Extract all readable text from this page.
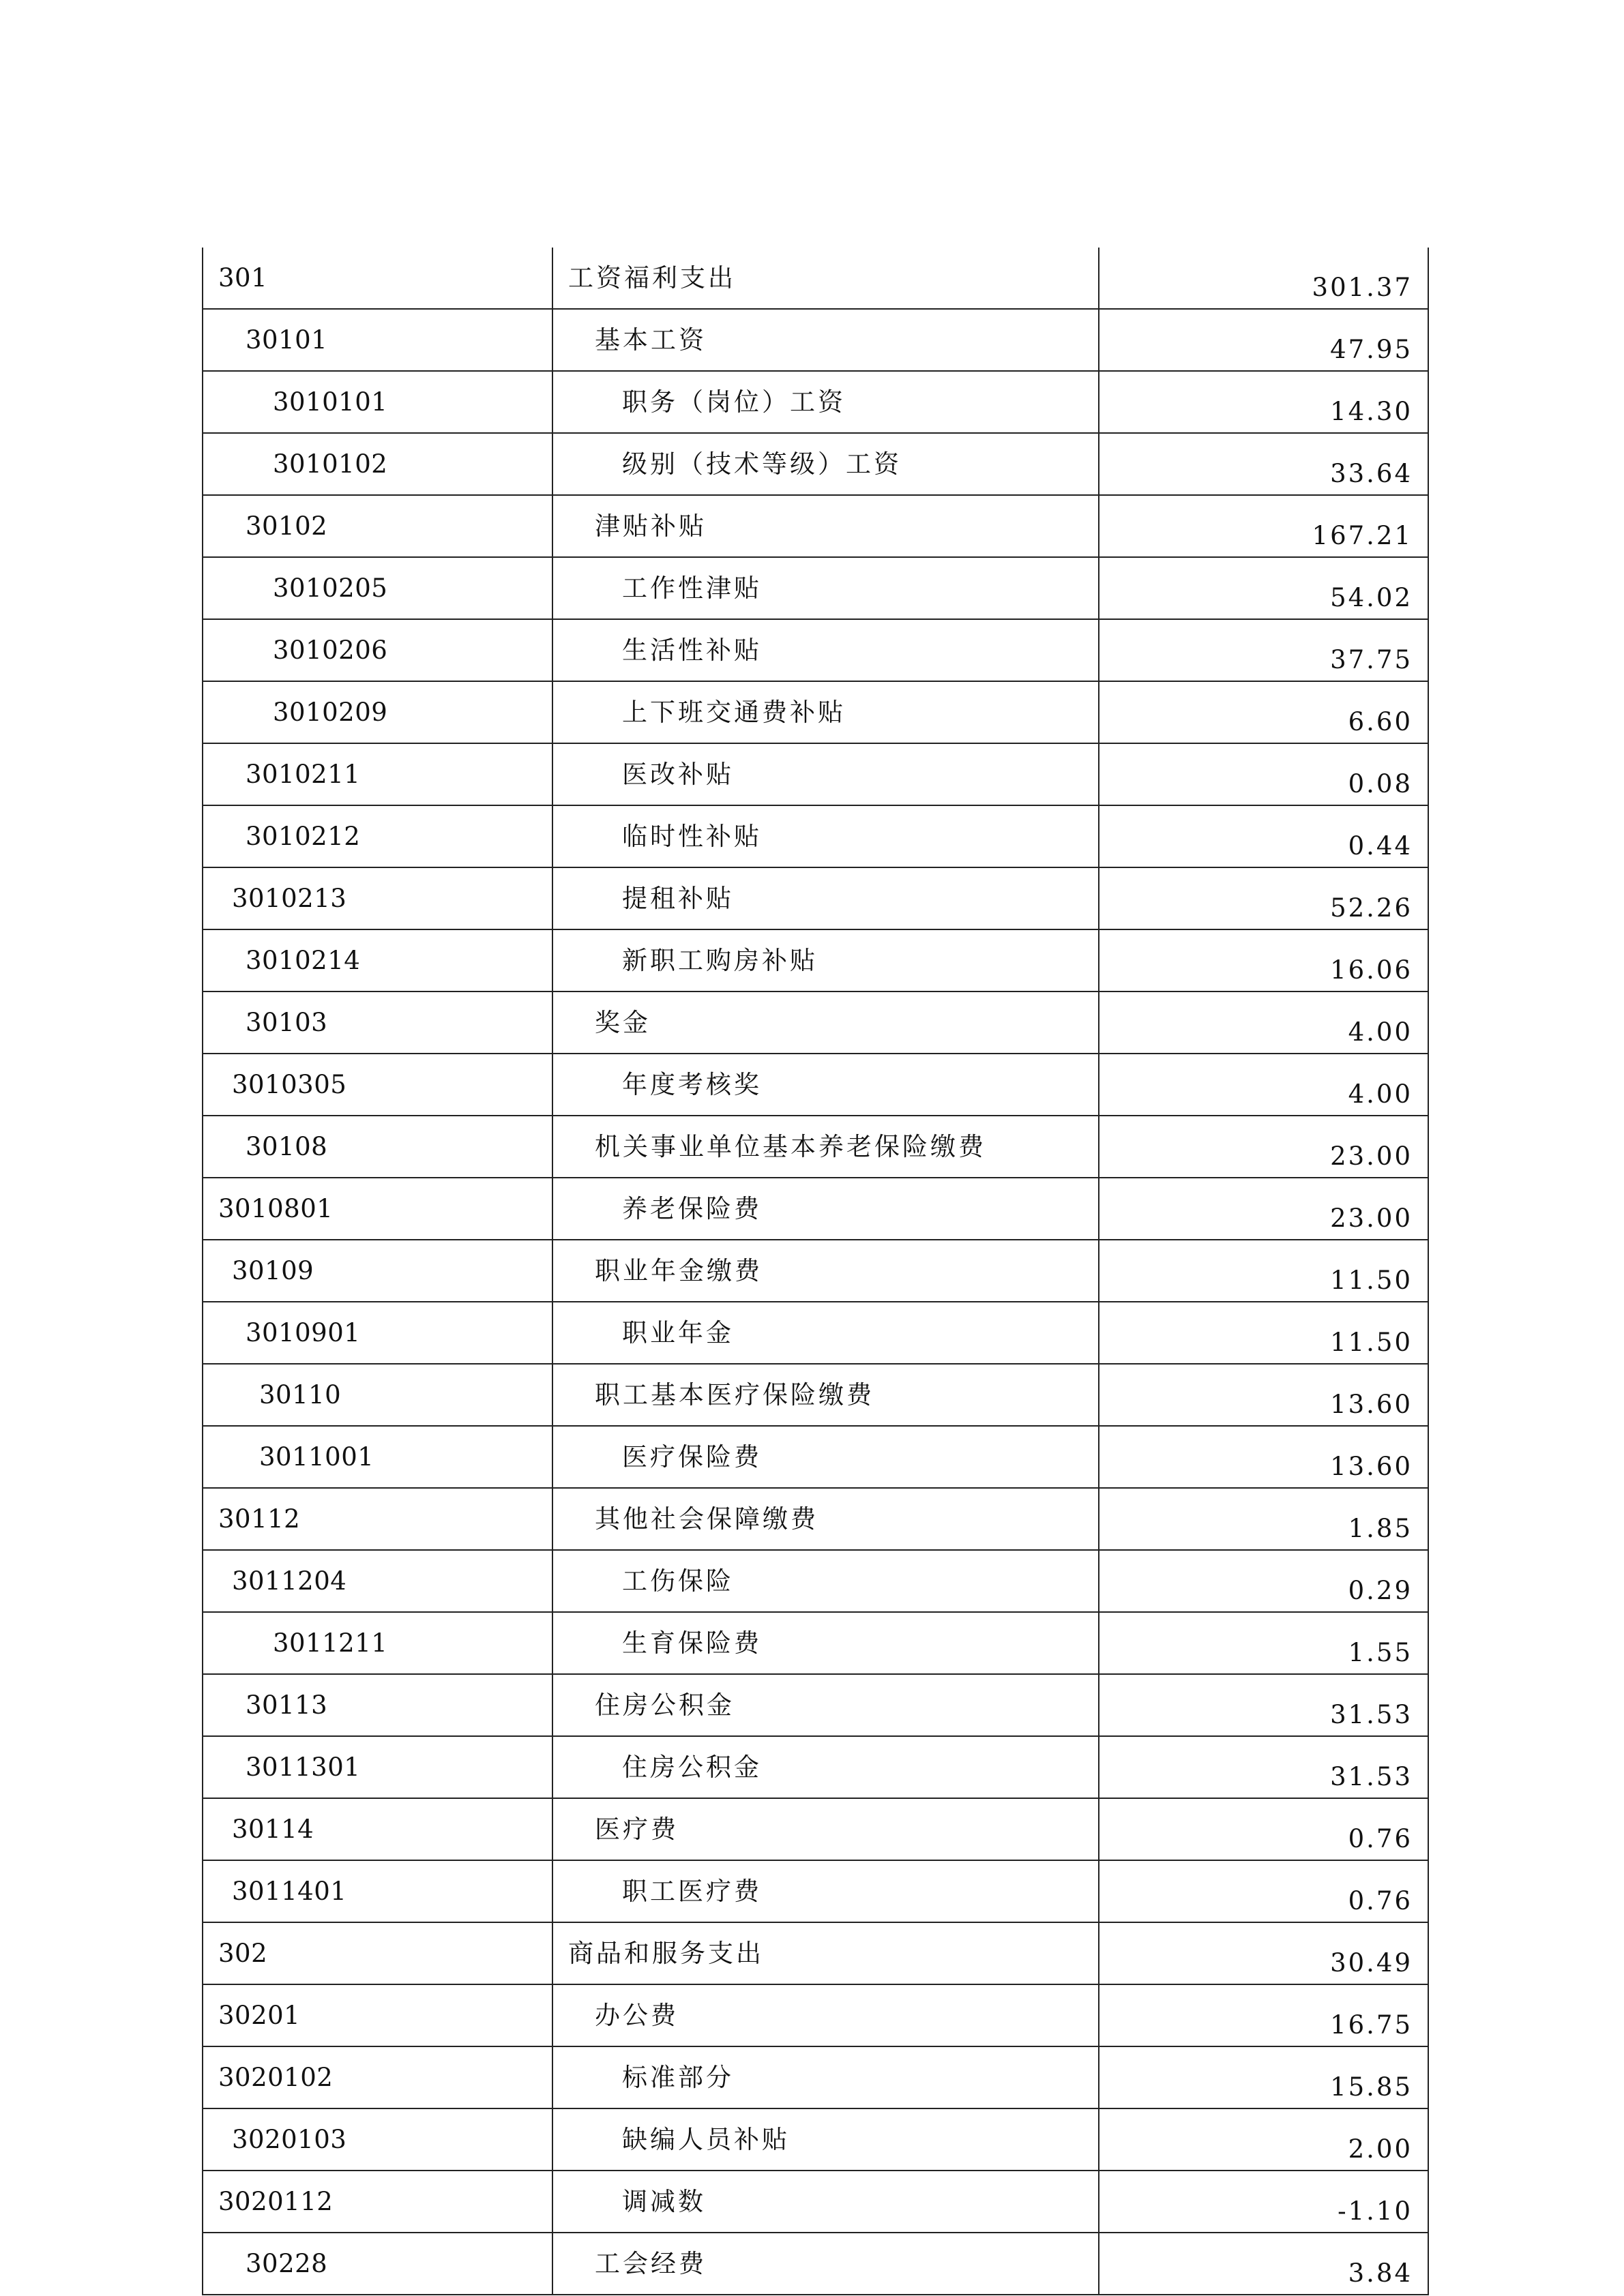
301	工资福利支出	301.37
30101	基本工资	47.95
3010101	职务（岗位）工资	14.30
3010102	级别（技术等级）工资	33.64
30102	津贴补贴	167.21
3010205	工作性津贴	54.02
3010206	生活性补贴	37.75
3010209	上下班交通费补贴	6.60
3010211	医改补贴	0.08
3010212	临时性补贴	0.44
3010213	提租补贴	52.26
3010214	新职工购房补贴	16.06
30103	奖金	4.00
3010305	年度考核奖	4.00
30108	机关事业单位基本养老保险缴费	23.00
3010801	养老保险费	23.00
30109	职业年金缴费	11.50
3010901	职业年金	11.50
30110	职工基本医疗保险缴费	13.60
3011001	医疗保险费	13.60
30112	其他社会保障缴费	1.85
3011204	工伤保险	0.29
3011211	生育保险费	1.55
30113	住房公积金	31.53
3011301	住房公积金	31.53
30114	医疗费	0.76
3011401	职工医疗费	0.76
302	商品和服务支出	30.49
30201	办公费	16.75
3020102	标准部分	15.85
3020103	缺编人员补贴	2.00
3020112	调减数	-1.10
30228	工会经费	3.84
